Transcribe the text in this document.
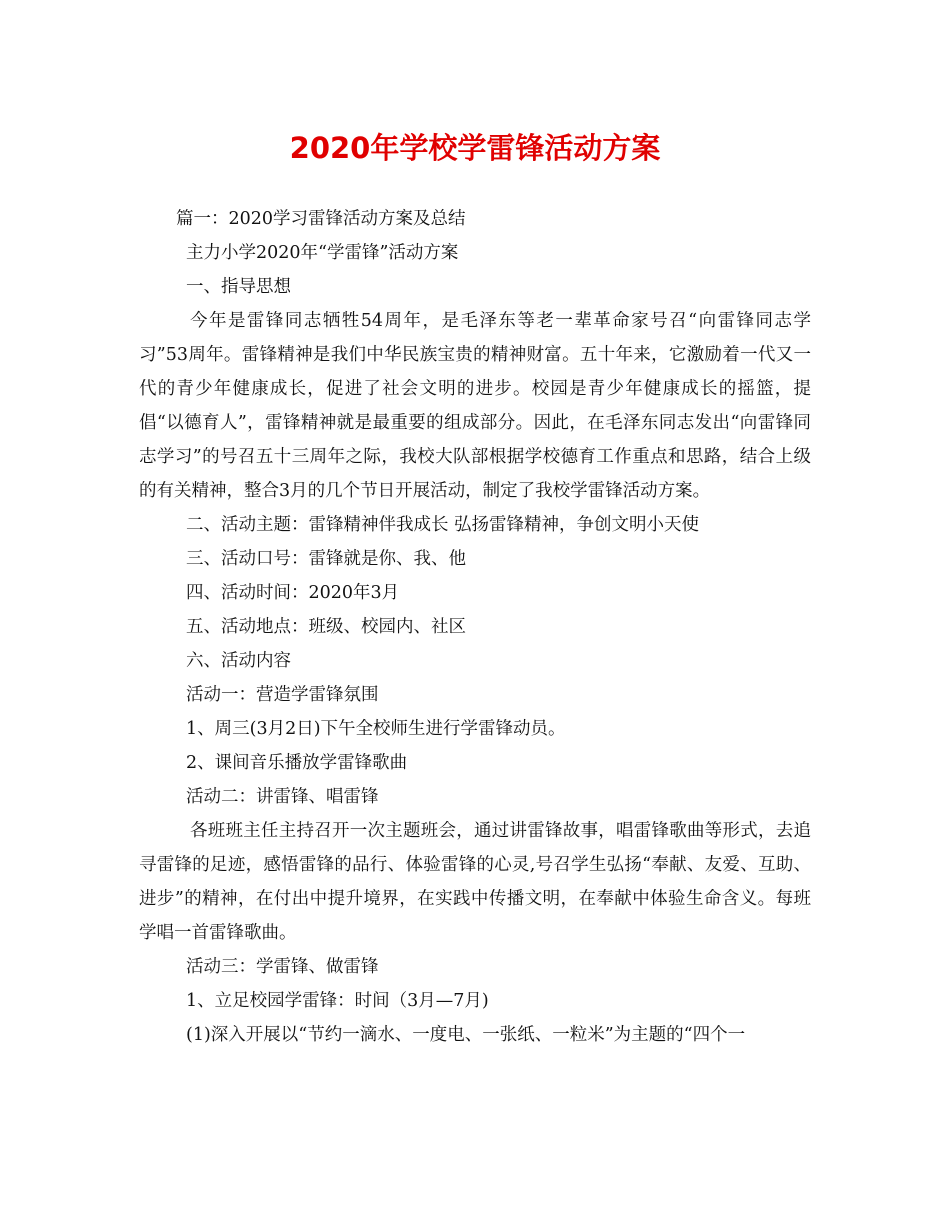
2020年学校学雷锋活动方案

篇一：2020学习雷锋活动方案及总结

主力小学2020年“学雷锋”活动方案

一、指导思想

今年是雷锋同志牺牲54周年，是毛泽东等老一辈革命家号召“向雷锋同志学习”53周年。雷锋精神是我们中华民族宝贵的精神财富。五十年来，它激励着一代又一代的青少年健康成长，促进了社会文明的进步。校园是青少年健康成长的摇篮，提倡“以德育人”，雷锋精神就是最重要的组成部分。因此，在毛泽东同志发出“向雷锋同志学习”的号召五十三周年之际，我校大队部根据学校德育工作重点和思路，结合上级的有关精神，整合3月的几个节日开展活动，制定了我校学雷锋活动方案。

二、活动主题：雷锋精神伴我成长 弘扬雷锋精神，争创文明小天使

三、活动口号：雷锋就是你、我、他

四、活动时间：2020年3月

五、活动地点：班级、校园内、社区

六、活动内容

活动一：营造学雷锋氛围

1、周三(3月2日)下午全校师生进行学雷锋动员。

2、课间音乐播放学雷锋歌曲

活动二：讲雷锋、唱雷锋

各班班主任主持召开一次主题班会，通过讲雷锋故事，唱雷锋歌曲等形式，去追寻雷锋的足迹，感悟雷锋的品行、体验雷锋的心灵,号召学生弘扬“奉献、友爱、互助、进步”的精神，在付出中提升境界，在实践中传播文明，在奉献中体验生命含义。每班学唱一首雷锋歌曲。

活动三：学雷锋、做雷锋

1、立足校园学雷锋：时间（3月—7月)

(1)深入开展以“节约一滴水、一度电、一张纸、一粒米”为主题的“四个一
